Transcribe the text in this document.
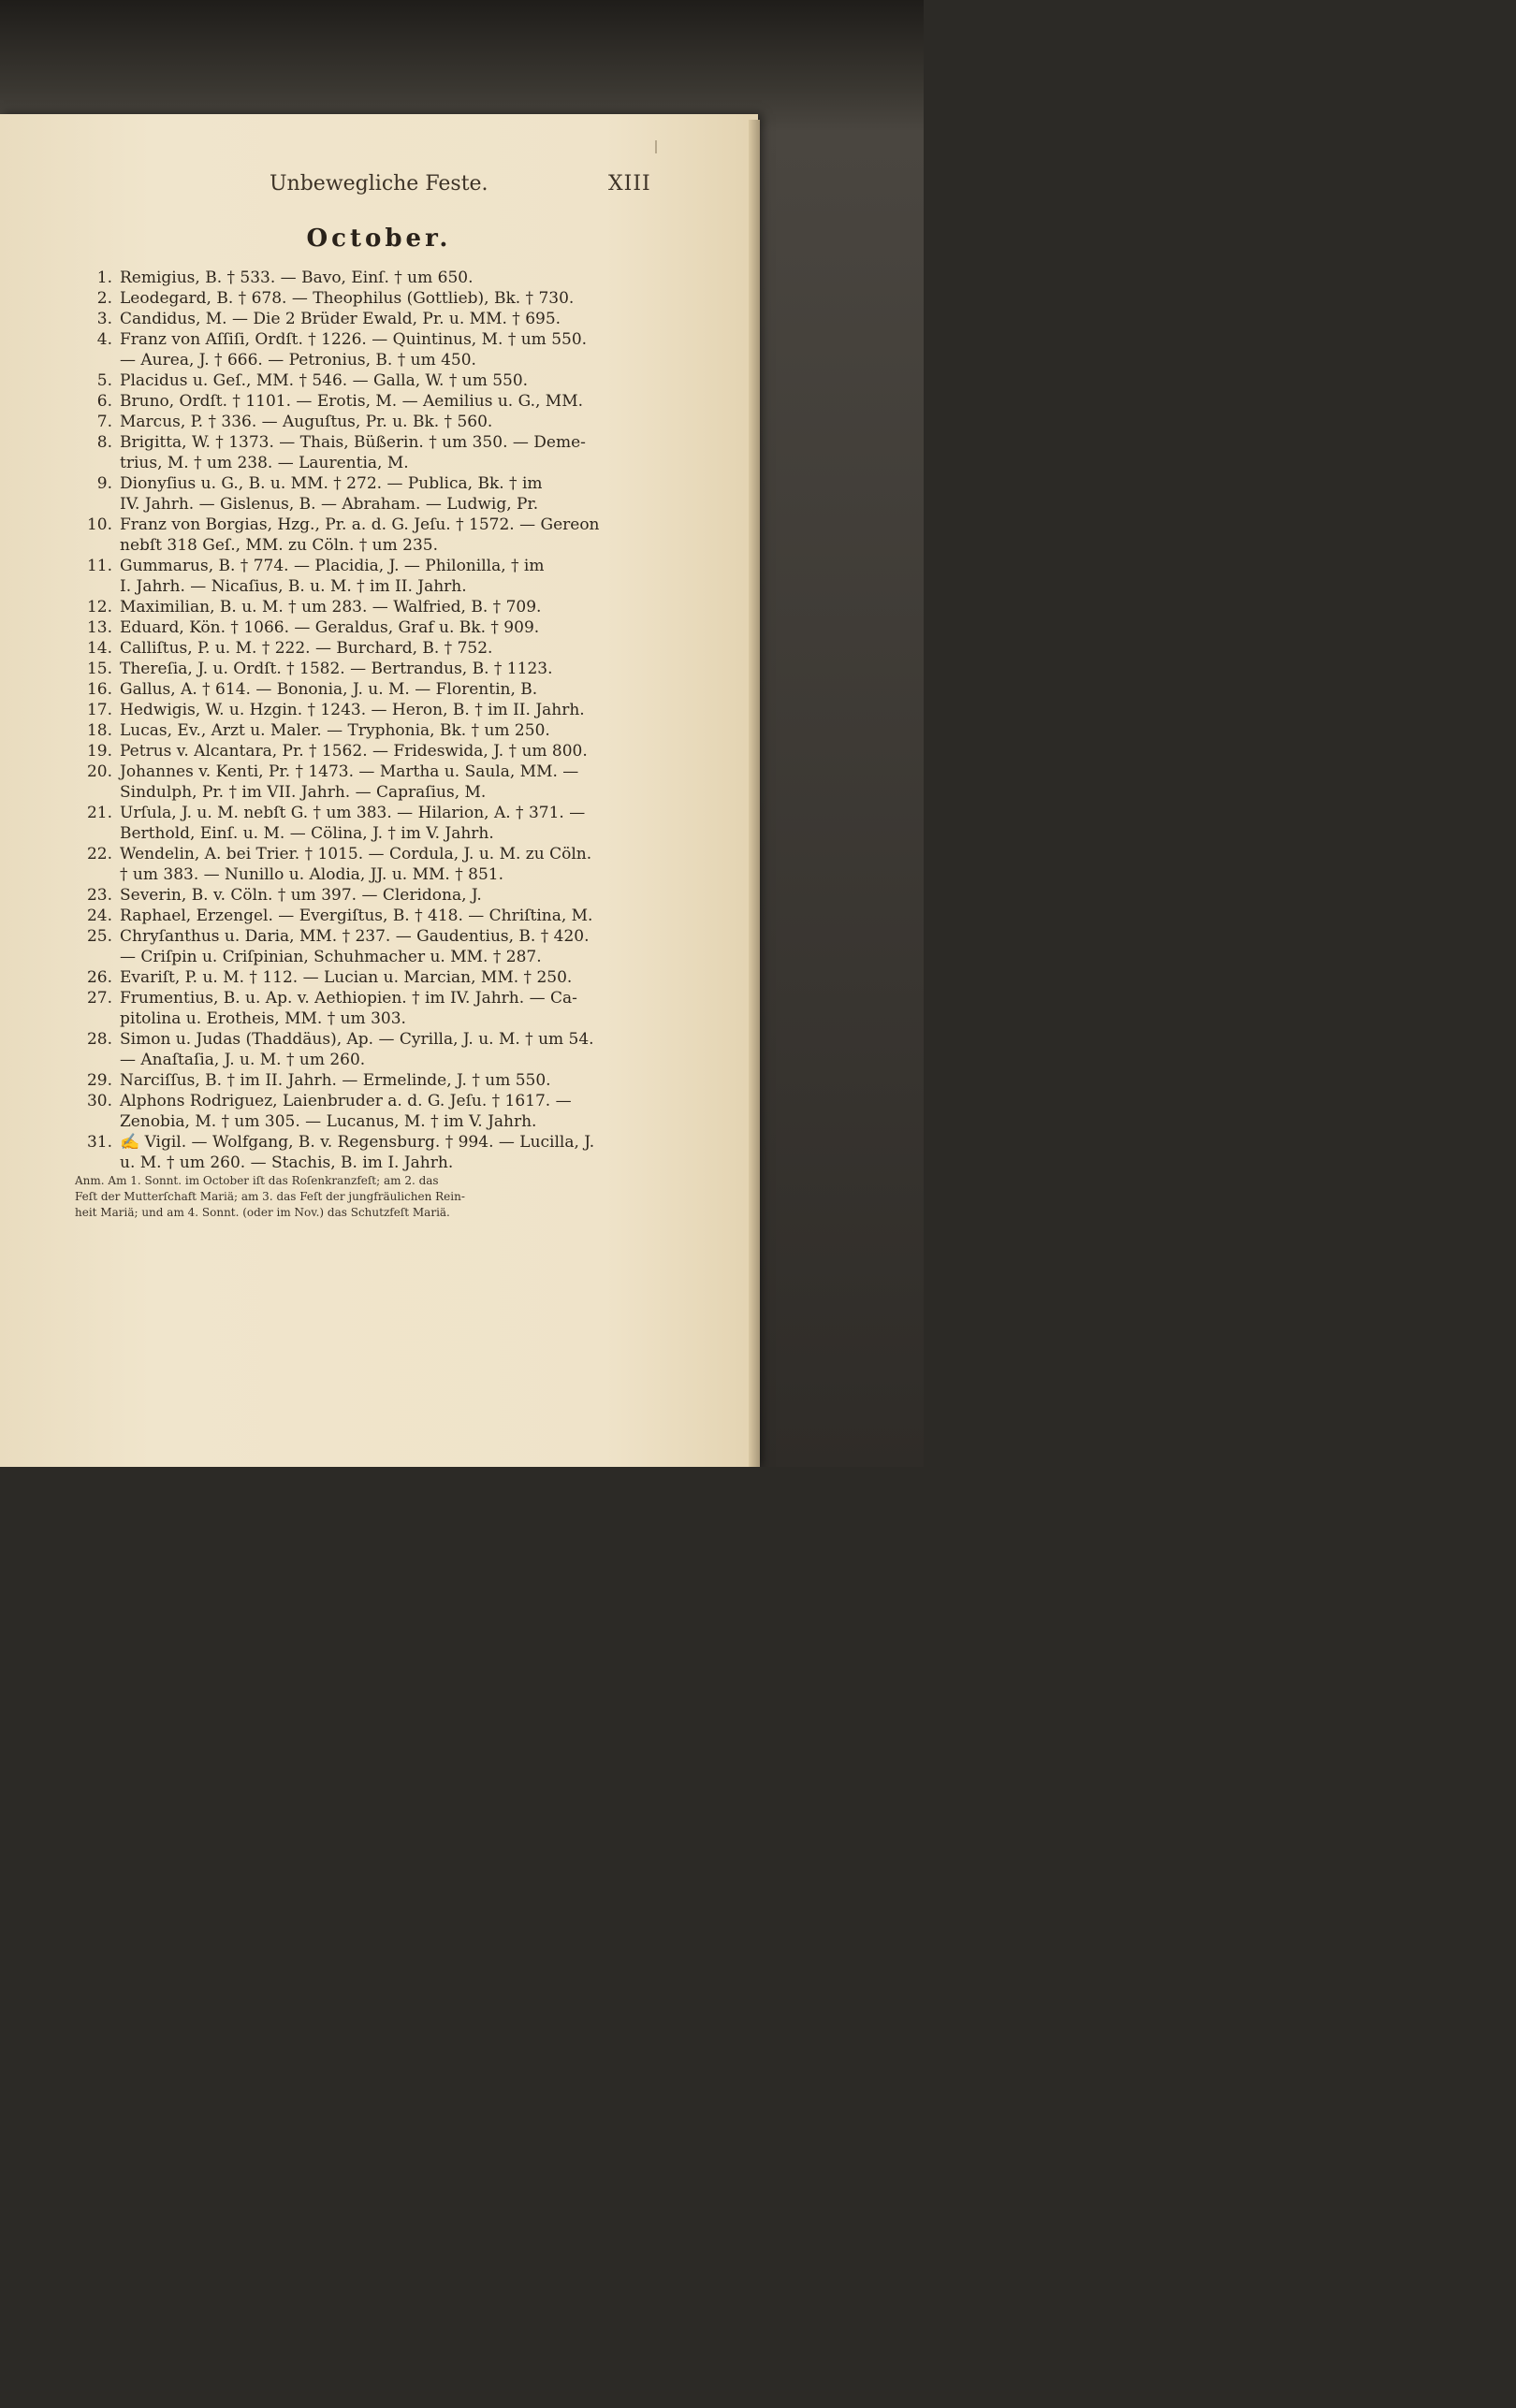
Unbewegliche Feste.	XIII
October.
1. Remigius, B. † 533. — Bavo, Einſ. † um 650.
2. Leodegard, B. † 678. — Theophilus (Gottlieb), Bk. † 730.
3. Candidus, M. — Die 2 Brüder Ewald, Pr. u. MM. † 695.
4. Franz von Aſſiſi, Ordſt. † 1226. — Quintinus, M. † um 550.
— Aurea, J. † 666. — Petronius, B. † um 450.
5. Placidus u. Geſ., MM. † 546. — Galla, W. † um 550.
6. Bruno, Ordſt. † 1101. — Erotis, M. — Aemilius u. G., MM.
7. Marcus, P. † 336. — Auguſtus, Pr. u. Bk. † 560.
8. Brigitta, W. † 1373. — Thais, Büßerin. † um 350. — Deme-
trius, M. † um 238. — Laurentia, M.
9. Dionyſius u. G., B. u. MM. † 272. — Publica, Bk. † im
IV. Jahrh. — Gislenus, B. — Abraham. — Ludwig, Pr.
10. Franz von Borgias, Hzg., Pr. a. d. G. Jeſu. † 1572. — Gereon
nebſt 318 Geſ., MM. zu Cöln. † um 235.
11. Gummarus, B. † 774. — Placidia, J. — Philonilla, † im
I. Jahrh. — Nicaſius, B. u. M. † im II. Jahrh.
12. Maximilian, B. u. M. † um 283. — Walfried, B. † 709.
13. Eduard, Kön. † 1066. — Geraldus, Graf u. Bk. † 909.
14. Calliſtus, P. u. M. † 222. — Burchard, B. † 752.
15. Thereſia, J. u. Ordſt. † 1582. — Bertrandus, B. † 1123.
16. Gallus, A. † 614. — Bononia, J. u. M. — Florentin, B.
17. Hedwigis, W. u. Hzgin. † 1243. — Heron, B. † im II. Jahrh.
18. Lucas, Ev., Arzt u. Maler. — Tryphonia, Bk. † um 250.
19. Petrus v. Alcantara, Pr. † 1562. — Frideswida, J. † um 800.
20. Johannes v. Kenti, Pr. † 1473. — Martha u. Saula, MM. —
Sindulph, Pr. † im VII. Jahrh. — Capraſius, M.
21. Urſula, J. u. M. nebſt G. † um 383. — Hilarion, A. † 371. —
Berthold, Einſ. u. M. — Cölina, J. † im V. Jahrh.
22. Wendelin, A. bei Trier. † 1015. — Cordula, J. u. M. zu Cöln.
† um 383. — Nunillo u. Alodia, JJ. u. MM. † 851.
23. Severin, B. v. Cöln. † um 397. — Cleridona, J.
24. Raphael, Erzengel. — Evergiſtus, B. † 418. — Chriſtina, M.
25. Chryſanthus u. Daria, MM. † 237. — Gaudentius, B. † 420.
— Criſpin u. Criſpinian, Schuhmacher u. MM. † 287.
26. Evariſt, P. u. M. † 112. — Lucian u. Marcian, MM. † 250.
27. Frumentius, B. u. Ap. v. Aethiopien. † im IV. Jahrh. — Ca-
pitolina u. Erotheis, MM. † um 303.
28. Simon u. Judas (Thaddäus), Ap. — Cyrilla, J. u. M. † um 54.
— Anaſtaſia, J. u. M. † um 260.
29. Narciſſus, B. † im II. Jahrh. — Ermelinde, J. † um 550.
30. Alphons Rodriguez, Laienbruder a. d. G. Jeſu. † 1617. —
Zenobia, M. † um 305. — Lucanus, M. † im V. Jahrh.
31. ✍ Vigil. — Wolfgang, B. v. Regensburg. † 994. — Lucilla, J.
u. M. † um 260. — Stachis, B. im I. Jahrh.
Anm. Am 1. Sonnt. im October iſt das Roſenkranzfeſt; am 2. das
Feſt der Mutterſchaft Mariä; am 3. das Feſt der jungfräulichen Rein-
heit Mariä; und am 4. Sonnt. (oder im Nov.) das Schutzfeſt Mariä.
